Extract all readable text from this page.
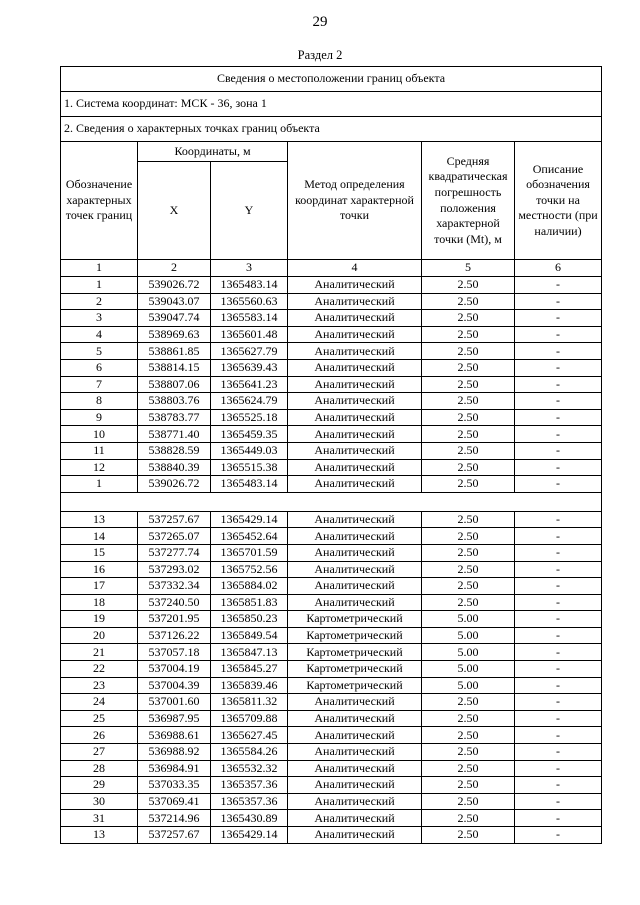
29
Раздел 2
Сведения о местоположении границ объекта					
1. Система координат: МСК - 36, зона 1					
2. Сведения о характерных точках границ объекта					
Обозначение характерных точек границ	Координаты, м		Метод определения координат характерной точки	Средняя квадратическая погрешность положения характерной точки (Mt), м	Описание обозначения точки на местности (при наличии)
	X	Y			
1	2	3	4	5	6
1	539026.72	1365483.14	Аналитический	2.50	-
2	539043.07	1365560.63	Аналитический	2.50	-
3	539047.74	1365583.14	Аналитический	2.50	-
4	538969.63	1365601.48	Аналитический	2.50	-
5	538861.85	1365627.79	Аналитический	2.50	-
6	538814.15	1365639.43	Аналитический	2.50	-
7	538807.06	1365641.23	Аналитический	2.50	-
8	538803.76	1365624.79	Аналитический	2.50	-
9	538783.77	1365525.18	Аналитический	2.50	-
10	538771.40	1365459.35	Аналитический	2.50	-
11	538828.59	1365449.03	Аналитический	2.50	-
12	538840.39	1365515.38	Аналитический	2.50	-
1	539026.72	1365483.14	Аналитический	2.50	-

13	537257.67	1365429.14	Аналитический	2.50	-
14	537265.07	1365452.64	Аналитический	2.50	-
15	537277.74	1365701.59	Аналитический	2.50	-
16	537293.02	1365752.56	Аналитический	2.50	-
17	537332.34	1365884.02	Аналитический	2.50	-
18	537240.50	1365851.83	Аналитический	2.50	-
19	537201.95	1365850.23	Картометрический	5.00	-
20	537126.22	1365849.54	Картометрический	5.00	-
21	537057.18	1365847.13	Картометрический	5.00	-
22	537004.19	1365845.27	Картометрический	5.00	-
23	537004.39	1365839.46	Картометрический	5.00	-
24	537001.60	1365811.32	Аналитический	2.50	-
25	536987.95	1365709.88	Аналитический	2.50	-
26	536988.61	1365627.45	Аналитический	2.50	-
27	536988.92	1365584.26	Аналитический	2.50	-
28	536984.91	1365532.32	Аналитический	2.50	-
29	537033.35	1365357.36	Аналитический	2.50	-
30	537069.41	1365357.36	Аналитический	2.50	-
31	537214.96	1365430.89	Аналитический	2.50	-
13	537257.67	1365429.14	Аналитический	2.50	-
